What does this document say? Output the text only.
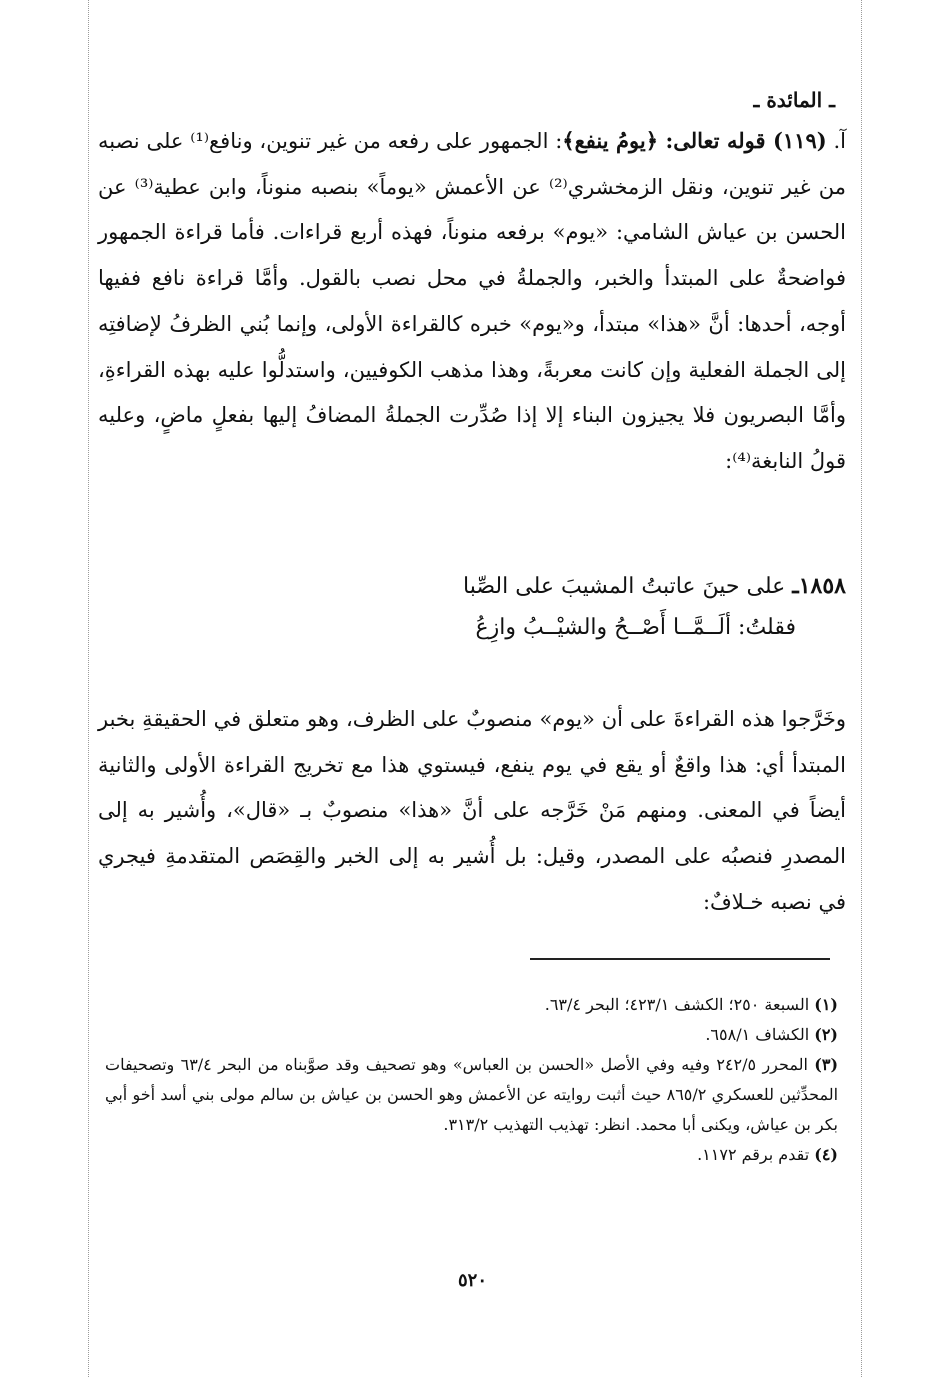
ـ المائدة ـ

آ. (١١٩) قوله تعالى: ﴿يومُ ينفع﴾: الجمهور على رفعه من غير تنوين، ونافع⁽¹⁾ على نصبه من غير تنوين، ونقل الزمخشري⁽²⁾ عن الأعمش «يوماً» بنصبه منوناً، وابن عطية⁽³⁾ عن الحسن بن عياش الشامي: «يوم» برفعه منوناً، فهذه أربع قراءات. فأما قراءة الجمهور فواضحةٌ على المبتدأ والخبر، والجملةُ في محل نصب بالقول. وأمَّا قراءة نافع ففيها أوجه، أحدها: أنَّ «هذا» مبتدأ، و«يوم» خبره كالقراءة الأولى، وإنما بُني الظرفُ لإضافتِه إلى الجملة الفعلية وإن كانت معربةً، وهذا مذهب الكوفيين، واستدلُّوا عليه بهذه القراءةِ، وأمَّا البصريون فلا يجيزون البناء إلا إذا صُدِّرت الجملةُ المضافُ إليها بفعلٍ ماضٍ، وعليه قولُ النابغة⁽⁴⁾:

١٨٥٨ـ على حينَ عاتبتُ المشيبَ على الصِّبا
فقلتُ: ألَــمَّــا أَصْــحُ والشيْــبُ وازِعُ

وخَرَّجوا هذه القراءةَ على أن «يوم» منصوبٌ على الظرف، وهو متعلق في الحقيقةِ بخبر المبتدأ أي: هذا واقعٌ أو يقع في يوم ينفع، فيستوي هذا مع تخريج القراءة الأولى والثانية أيضاً في المعنى. ومنهم مَنْ خَرَّجه على أنَّ «هذا» منصوبٌ بـ «قال»، وأُشير به إلى المصدرِ فنصبُه على المصدر، وقيل: بل أُشير به إلى الخبر والقِصَص المتقدمةِ فيجري في نصبه خـلافٌ:

(١) السبعة ٢٥٠؛ الكشف ٤٢٣/١؛ البحر ٦٣/٤.

(٢) الكشاف ٦٥٨/١.

(٣) المحرر ٢٤٢/٥ وفيه وفي الأصل «الحسن بن العباس» وهو تصحيف وقد صوَّبناه من البحر ٦٣/٤ وتصحيفات المحدِّثين للعسكري ٨٦٥/٢ حيث أثبت روايته عن الأعمش وهو الحسن بن عياش بن سالم مولى بني أسد أخو أبي بكر بن عياش، ويكنى أبا محمد. انظر: تهذيب التهذيب ٣١٣/٢.

(٤) تقدم برقم ١١٧٢.

٥٢٠
